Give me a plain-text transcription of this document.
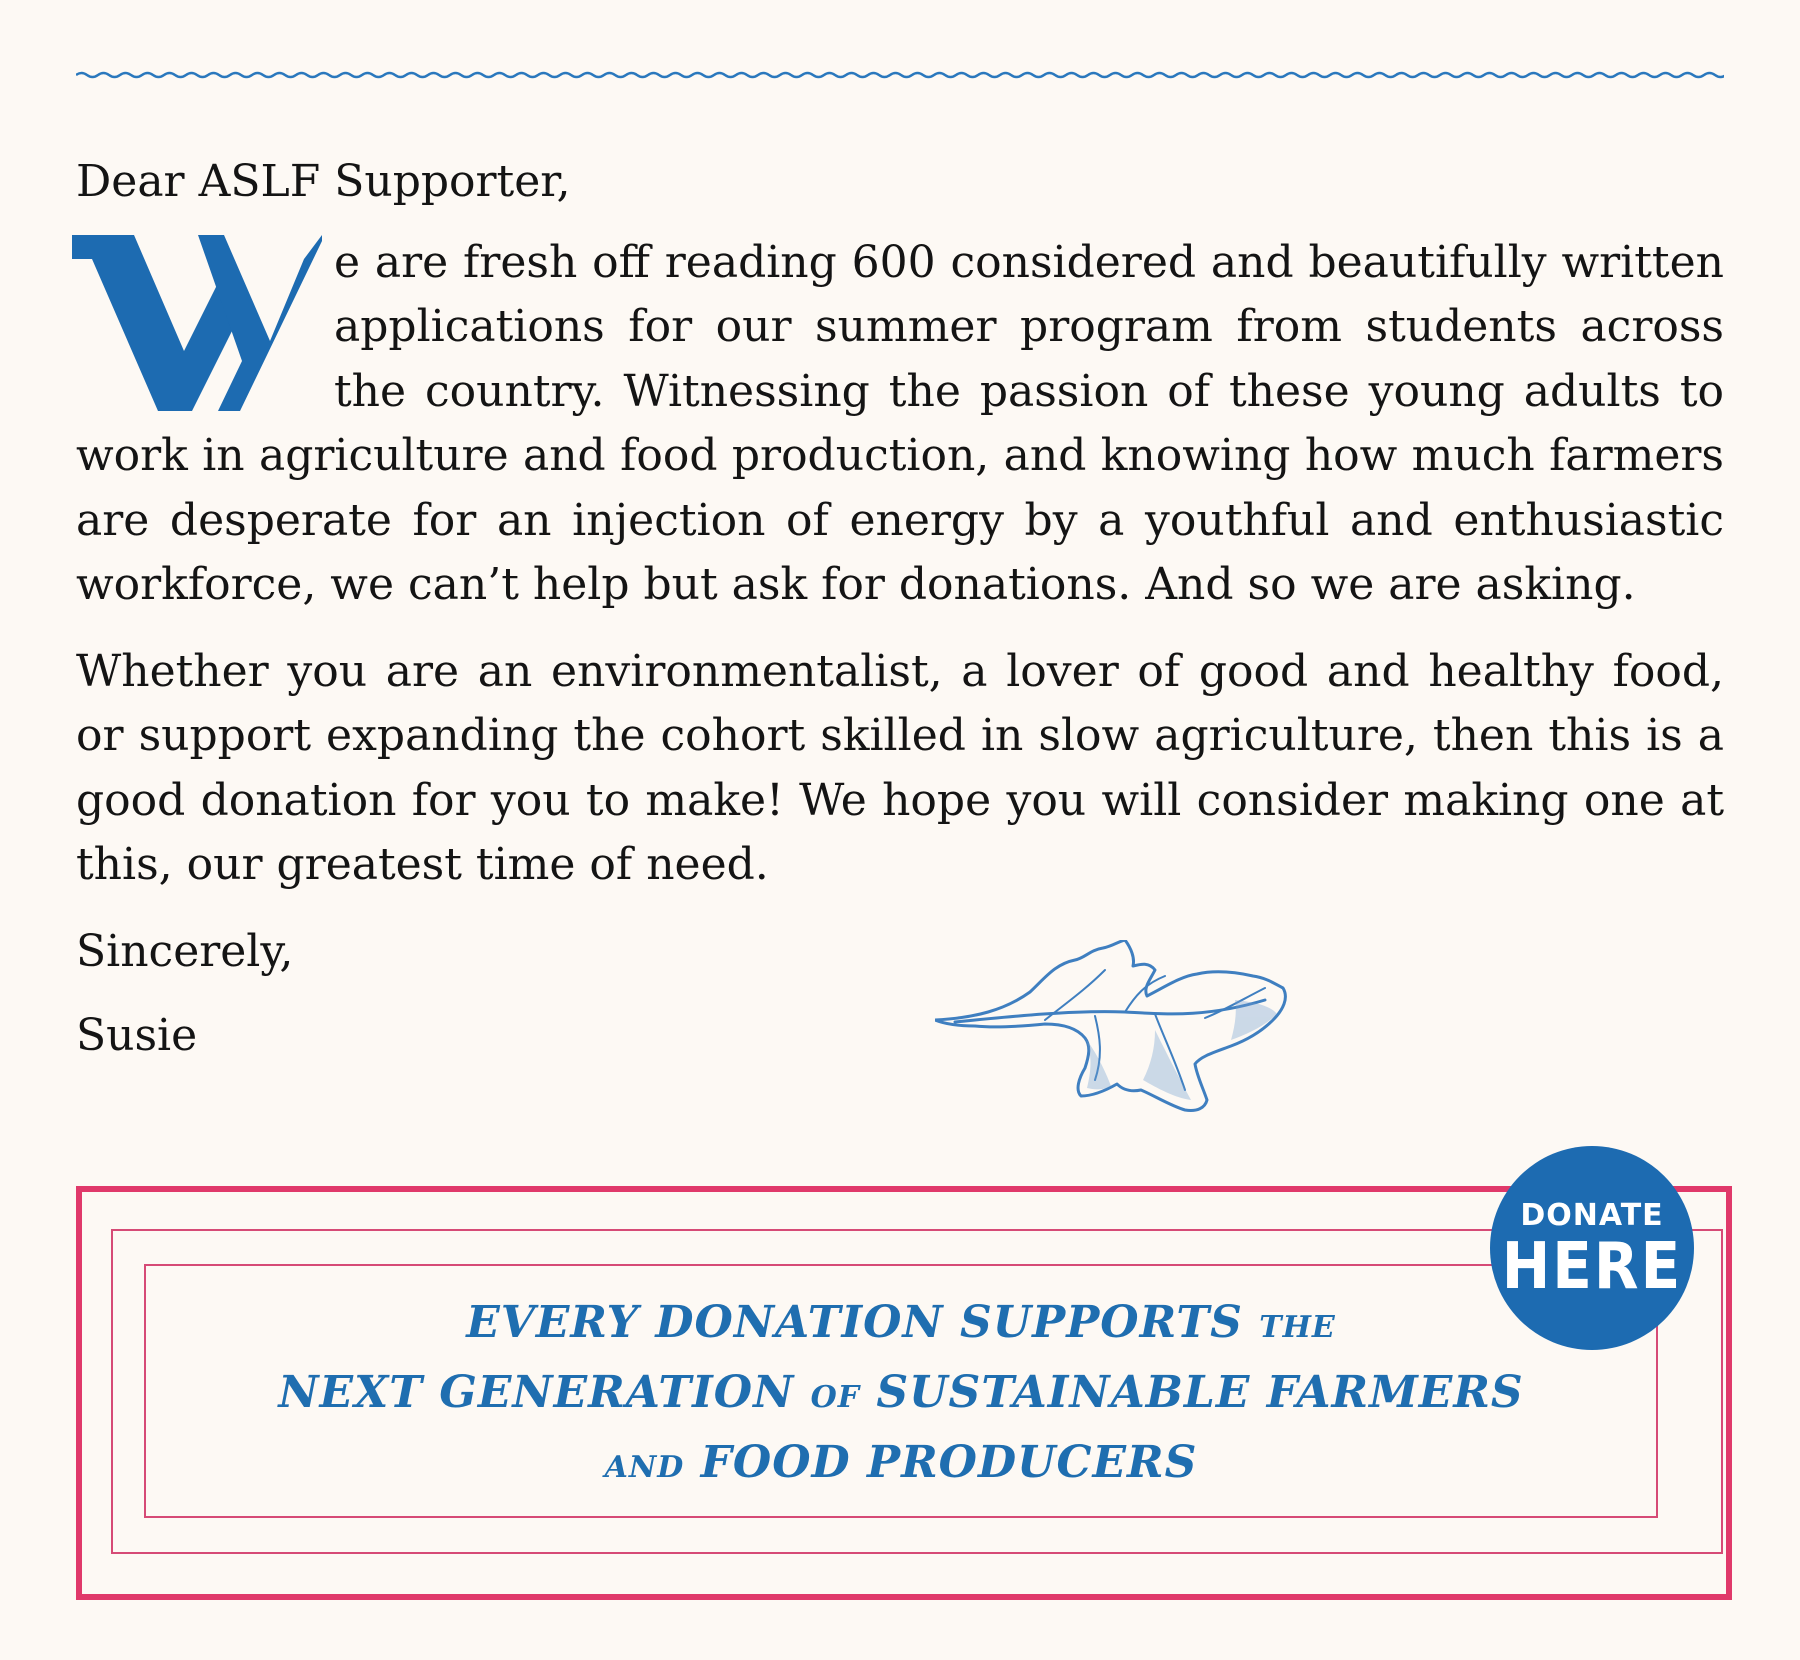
Dear ASLF Supporter,

e are fresh off reading 600 considered and beautifully written applications for our summer program from students across the country. Witnessing the passion of these young adults to work in agriculture and food production, and knowing how much farmers are desperate for an injection of energy by a youthful and enthusiastic workforce, we can’t help but ask for donations. And so we are asking.

Whether you are an environmentalist, a lover of good and healthy food, or support expanding the cohort skilled in slow agriculture, then this is a good donation for you to make! We hope you will consider making one at this, our greatest time of need.

Sincerely,

Susie

EVERY DONATION SUPPORTS THE
NEXT GENERATION OF SUSTAINABLE FARMERS
AND FOOD PRODUCERS
DONATE
HERE
